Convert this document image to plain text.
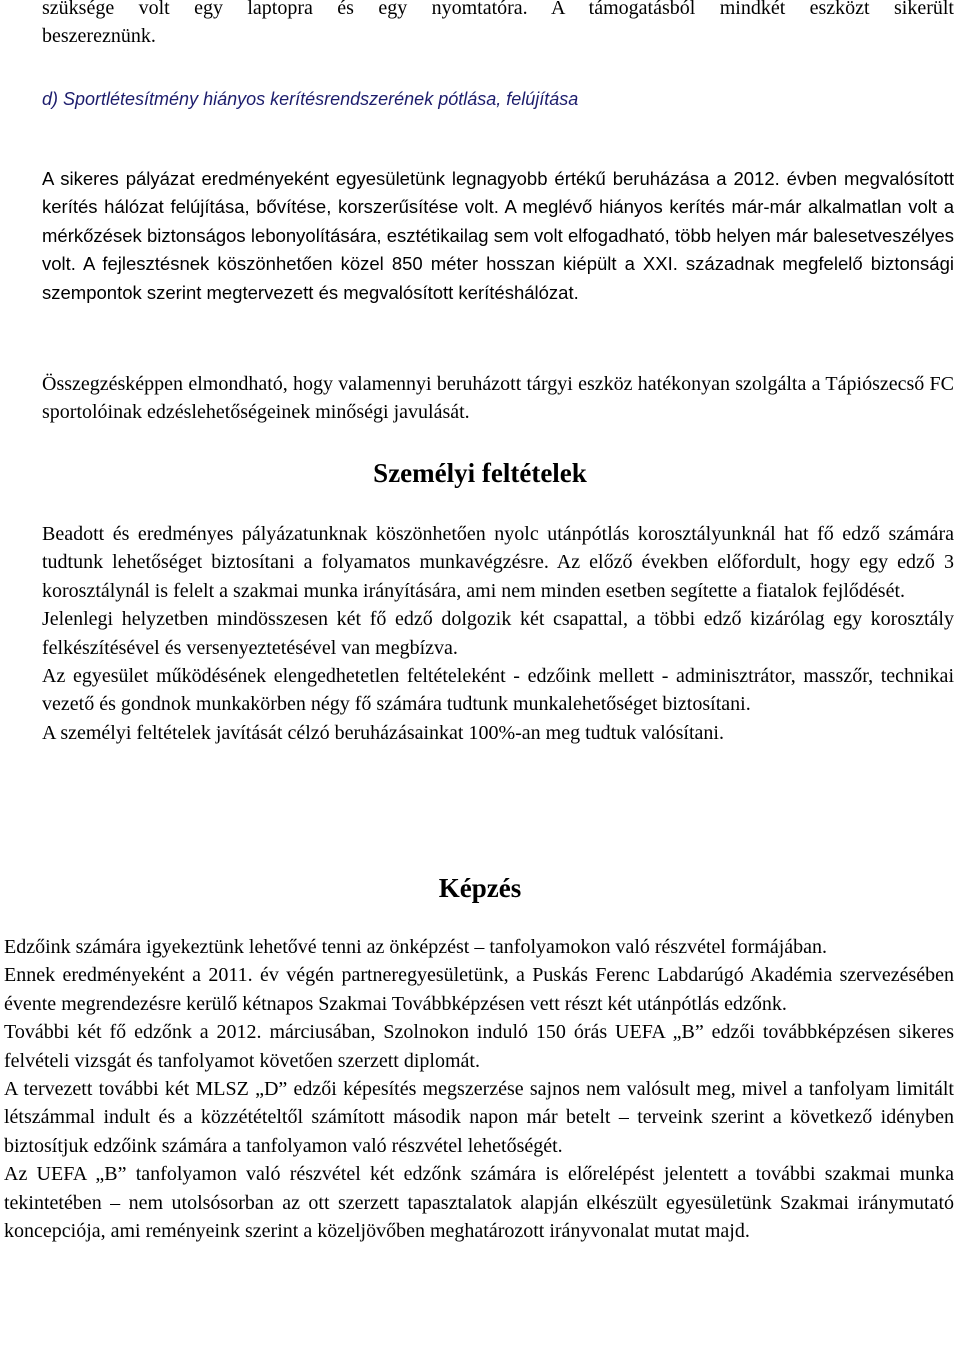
szüksége volt egy laptopra és egy nyomtatóra. A támogatásból mindkét eszközt sikerült
beszereznünk.

d) Sportlétesítmény hiányos kerítésrendszerének pótlása, felújítása

A sikeres pályázat eredményeként egyesületünk legnagyobb értékű beruházása a 2012. évben megvalósított kerítés hálózat felújítása, bővítése, korszerűsítése volt. A meglévő hiányos kerítés már-már alkalmatlan volt a mérkőzések biztonságos lebonyolítására, esztétikailag sem volt elfogadható, több helyen már balesetveszélyes volt. A fejlesztésnek köszönhetően közel 850 méter hosszan kiépült a XXI. századnak megfelelő biztonsági szempontok szerint megtervezett és megvalósított kerítéshálózat.

Összegzésképpen elmondható, hogy valamennyi beruházott tárgyi eszköz hatékonyan szolgálta a Tápiószecső FC sportolóinak edzéslehetőségeinek minőségi javulását.

Személyi feltételek

Beadott és eredményes pályázatunknak köszönhetően nyolc utánpótlás korosztályunknál hat fő edző számára tudtunk lehetőséget biztosítani a folyamatos munkavégzésre. Az előző években előfordult, hogy egy edző 3 korosztálynál is felelt a szakmai munka irányítására, ami nem minden esetben segítette a fiatalok fejlődését.

Jelenlegi helyzetben mindösszesen két fő edző dolgozik két csapattal, a többi edző kizárólag egy korosztály felkészítésével és versenyeztetésével van megbízva.

Az egyesület működésének elengedhetetlen feltételeként - edzőink mellett - adminisztrátor, masszőr, technikai vezető és gondnok munkakörben négy fő számára tudtunk munkalehetőséget biztosítani.

A személyi feltételek javítását célzó beruházásainkat 100%-an meg tudtuk valósítani.

Képzés

Edzőink számára igyekeztünk lehetővé tenni az önképzést – tanfolyamokon való részvétel formájában.

Ennek eredményeként a 2011. év végén partneregyesületünk, a Puskás Ferenc Labdarúgó Akadémia szervezésében évente megrendezésre kerülő kétnapos Szakmai Továbbképzésen vett részt két utánpótlás edzőnk.

További két fő edzőnk a 2012. márciusában, Szolnokon induló 150 órás UEFA „B” edzői továbbképzésen sikeres felvételi vizsgát és tanfolyamot követően szerzett diplomát.

A tervezett további két MLSZ „D” edzői képesítés megszerzése sajnos nem valósult meg, mivel a tanfolyam limitált létszámmal indult és a közzétételtől számított második napon már betelt – terveink szerint a következő idényben biztosítjuk edzőink számára a tanfolyamon való részvétel lehetőségét.

Az UEFA „B” tanfolyamon való részvétel két edzőnk számára is előrelépést jelentett a további szakmai munka tekintetében – nem utolsósorban az ott szerzett tapasztalatok alapján elkészült egyesületünk Szakmai iránymutató koncepciója, ami reményeink szerint a közeljövőben meghatározott irányvonalat mutat majd.
